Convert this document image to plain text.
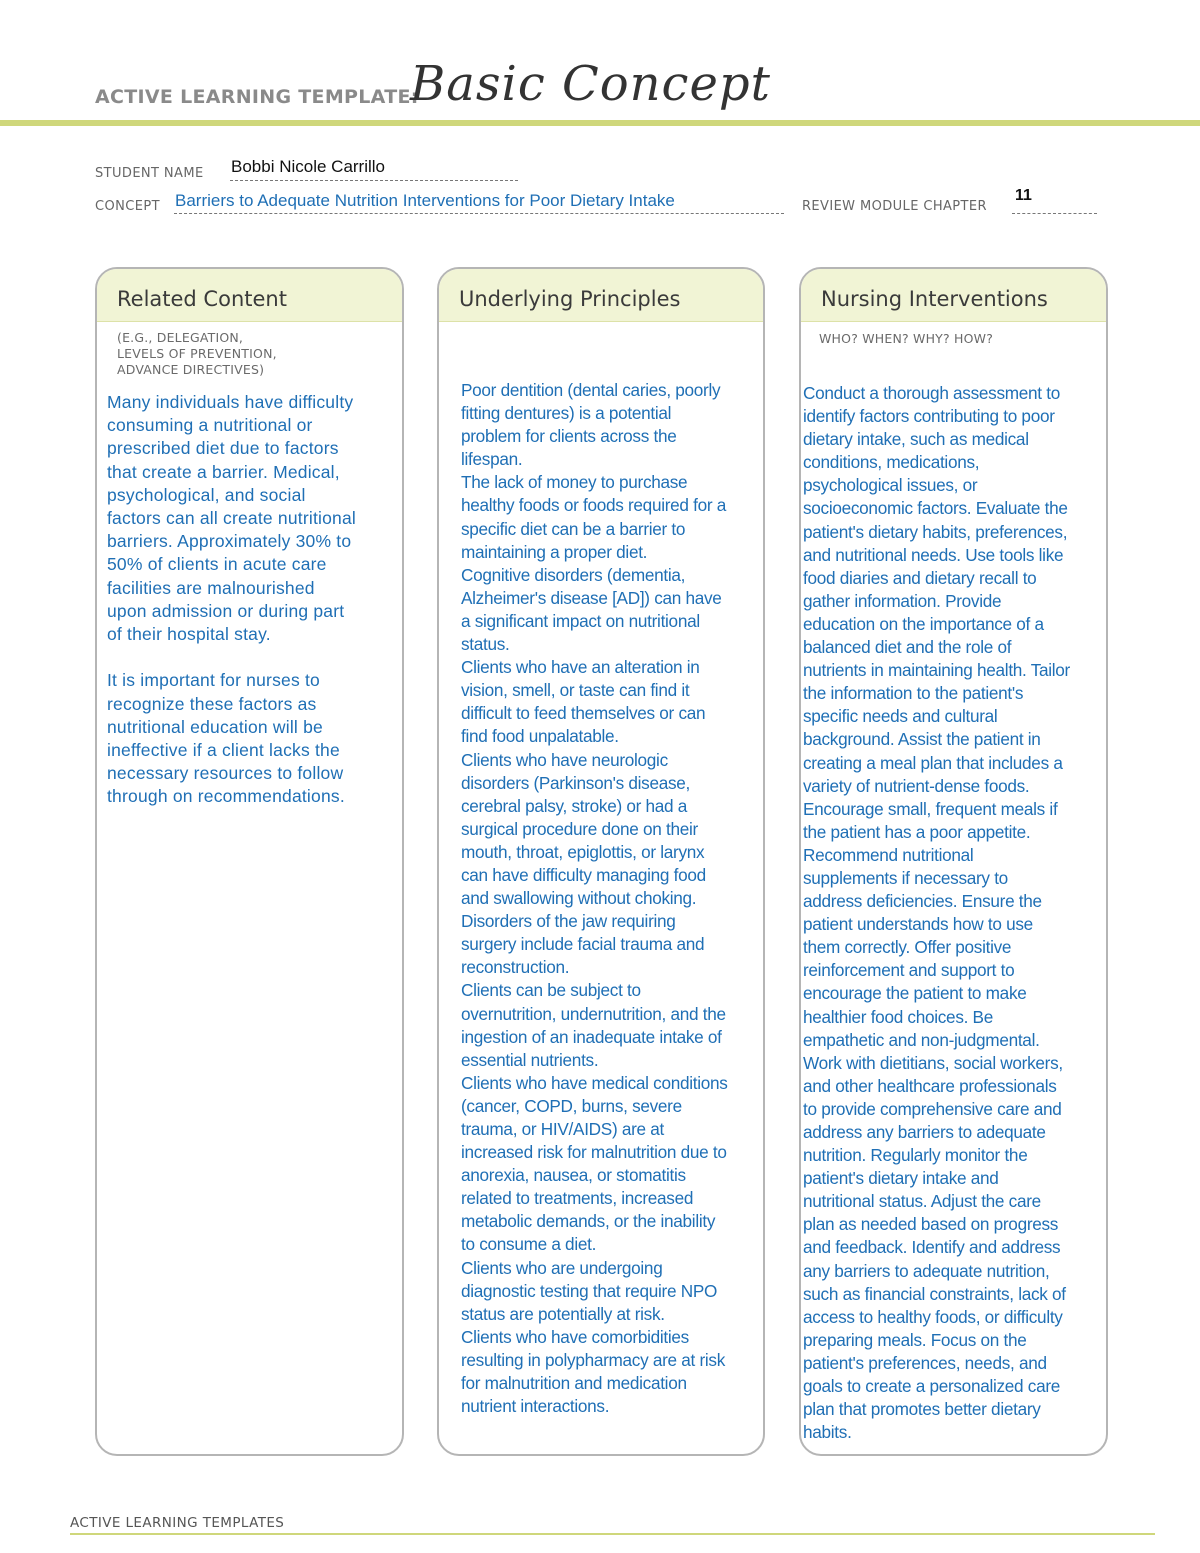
ACTIVE LEARNING TEMPLATE:
Basic Concept
STUDENT NAME Bobbi Nicole Carrillo
CONCEPT Barriers to Adequate Nutrition Interventions for Poor Dietary Intake	REVIEW MODULE CHAPTER
11
Related Content
(E.G., DELEGATION,
LEVELS OF PREVENTION,
ADVANCE DIRECTIVES)
Many individuals have difficulty
consuming a nutritional or
prescribed diet due to factors
that create a barrier. Medical,
psychological, and social
factors can all create nutritional
barriers. Approximately 30% to
50% of clients in acute care
facilities are malnourished
upon admission or during part
of their hospital stay.

It is important for nurses to
recognize these factors as
nutritional education will be
ineffective if a client lacks the
necessary resources to follow
through on recommendations.
Underlying Principles
Poor dentition (dental caries, poorly
fitting dentures) is a potential
problem for clients across the
lifespan.
The lack of money to purchase
healthy foods or foods required for a
specific diet can be a barrier to
maintaining a proper diet.
Cognitive disorders (dementia,
Alzheimer's disease [AD]) can have
a significant impact on nutritional
status.
Clients who have an alteration in
vision, smell, or taste can find it
difficult to feed themselves or can
find food unpalatable.
Clients who have neurologic
disorders (Parkinson's disease,
cerebral palsy, stroke) or had a
surgical procedure done on their
mouth, throat, epiglottis, or larynx
can have difficulty managing food
and swallowing without choking.
Disorders of the jaw requiring
surgery include facial trauma and
reconstruction.
Clients can be subject to
overnutrition, undernutrition, and the
ingestion of an inadequate intake of
essential nutrients.
Clients who have medical conditions
(cancer, COPD, burns, severe
trauma, or HIV/AIDS) are at
increased risk for malnutrition due to
anorexia, nausea, or stomatitis
related to treatments, increased
metabolic demands, or the inability
to consume a diet.
Clients who are undergoing
diagnostic testing that require NPO
status are potentially at risk.
Clients who have comorbidities
resulting in polypharmacy are at risk
for malnutrition and medication
nutrient interactions.
Nursing Interventions
WHO? WHEN? WHY? HOW?
Conduct a thorough assessment to
identify factors contributing to poor
dietary intake, such as medical
conditions, medications,
psychological issues, or
socioeconomic factors. Evaluate the
patient's dietary habits, preferences,
and nutritional needs. Use tools like
food diaries and dietary recall to
gather information. Provide
education on the importance of a
balanced diet and the role of
nutrients in maintaining health. Tailor
the information to the patient's
specific needs and cultural
background. Assist the patient in
creating a meal plan that includes a
variety of nutrient-dense foods.
Encourage small, frequent meals if
the patient has a poor appetite.
Recommend nutritional
supplements if necessary to
address deficiencies. Ensure the
patient understands how to use
them correctly. Offer positive
reinforcement and support to
encourage the patient to make
healthier food choices. Be
empathetic and non-judgmental.
Work with dietitians, social workers,
and other healthcare professionals
to provide comprehensive care and
address any barriers to adequate
nutrition. Regularly monitor the
patient's dietary intake and
nutritional status. Adjust the care
plan as needed based on progress
and feedback. Identify and address
any barriers to adequate nutrition,
such as financial constraints, lack of
access to healthy foods, or difficulty
preparing meals. Focus on the
patient's preferences, needs, and
goals to create a personalized care
plan that promotes better dietary
habits.
ACTIVE LEARNING TEMPLATES
